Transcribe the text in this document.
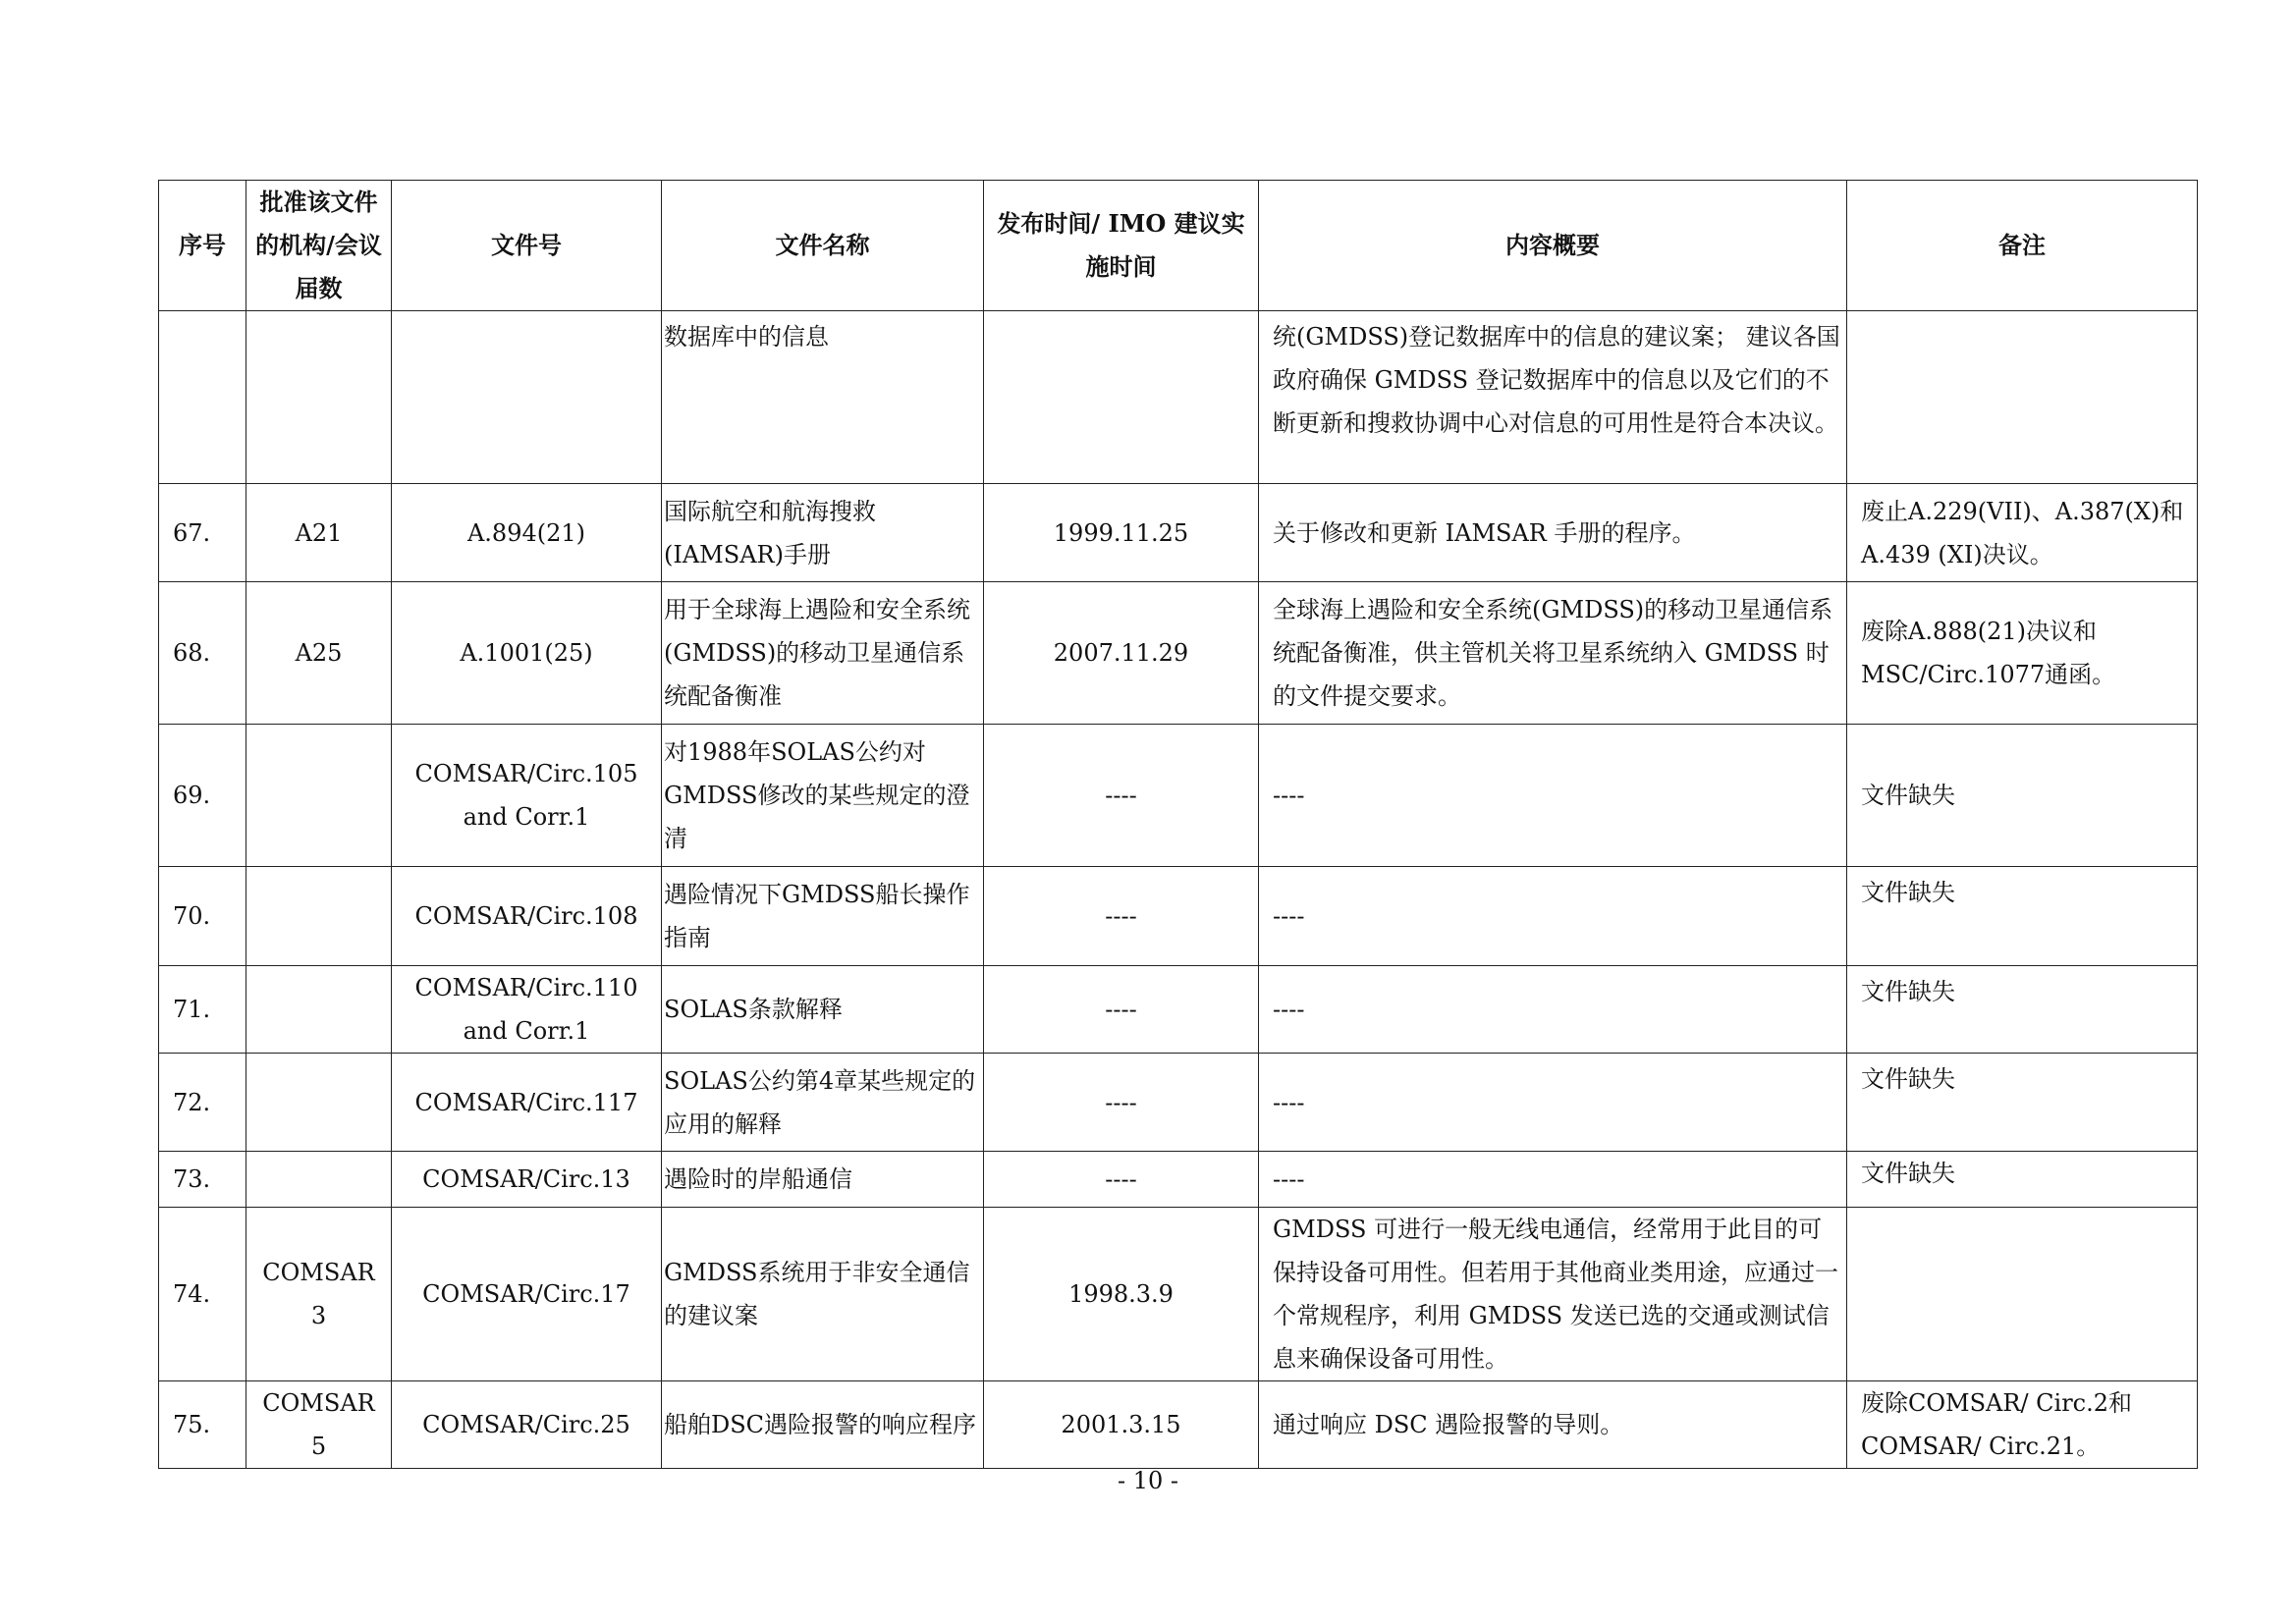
序号	批准该文件的机构/会议届数	文件号	文件名称	发布时间/ IMO 建议实施时间	内容概要	备注
			数据库中的信息		统(GMDSS)登记数据库中的信息的建议案； 建议各国政府确保 GMDSS 登记数据库中的信息以及它们的不断更新和搜救协调中心对信息的可用性是符合本决议。	
67.	A21	A.894(21)	国际航空和航海搜救(IAMSAR)手册	1999.11.25	关于修改和更新 IAMSAR 手册的程序。	废止A.229(VII)、A.387(X)和A.439 (XI)决议。
68.	A25	A.1001(25)	用于全球海上遇险和安全系统(GMDSS)的移动卫星通信系统配备衡准	2007.11.29	全球海上遇险和安全系统(GMDSS)的移动卫星通信系统配备衡准，供主管机关将卫星系统纳入 GMDSS 时的文件提交要求。	废除A.888(21)决议和MSC/Circ.1077通函。
69.		COMSAR/Circ.105 and Corr.1	对1988年SOLAS公约对GMDSS修改的某些规定的澄清	----	----	文件缺失
70.		COMSAR/Circ.108	遇险情况下GMDSS船长操作指南	----	----	文件缺失
71.		COMSAR/Circ.110 and Corr.1	SOLAS条款解释	----	----	文件缺失
72.		COMSAR/Circ.117	SOLAS公约第4章某些规定的应用的解释	----	----	文件缺失
73.		COMSAR/Circ.13	遇险时的岸船通信	----	----	文件缺失
74.	COMSAR 3	COMSAR/Circ.17	GMDSS系统用于非安全通信的建议案	1998.3.9	GMDSS 可进行一般无线电通信，经常用于此目的可保持设备可用性。但若用于其他商业类用途，应通过一个常规程序，利用 GMDSS 发送已选的交通或测试信息来确保设备可用性。	
75.	COMSAR 5	COMSAR/Circ.25	船舶DSC遇险报警的响应程序	2001.3.15	通过响应 DSC 遇险报警的导则。	废除COMSAR/ Circ.2和COMSAR/ Circ.21。
- 10 -
